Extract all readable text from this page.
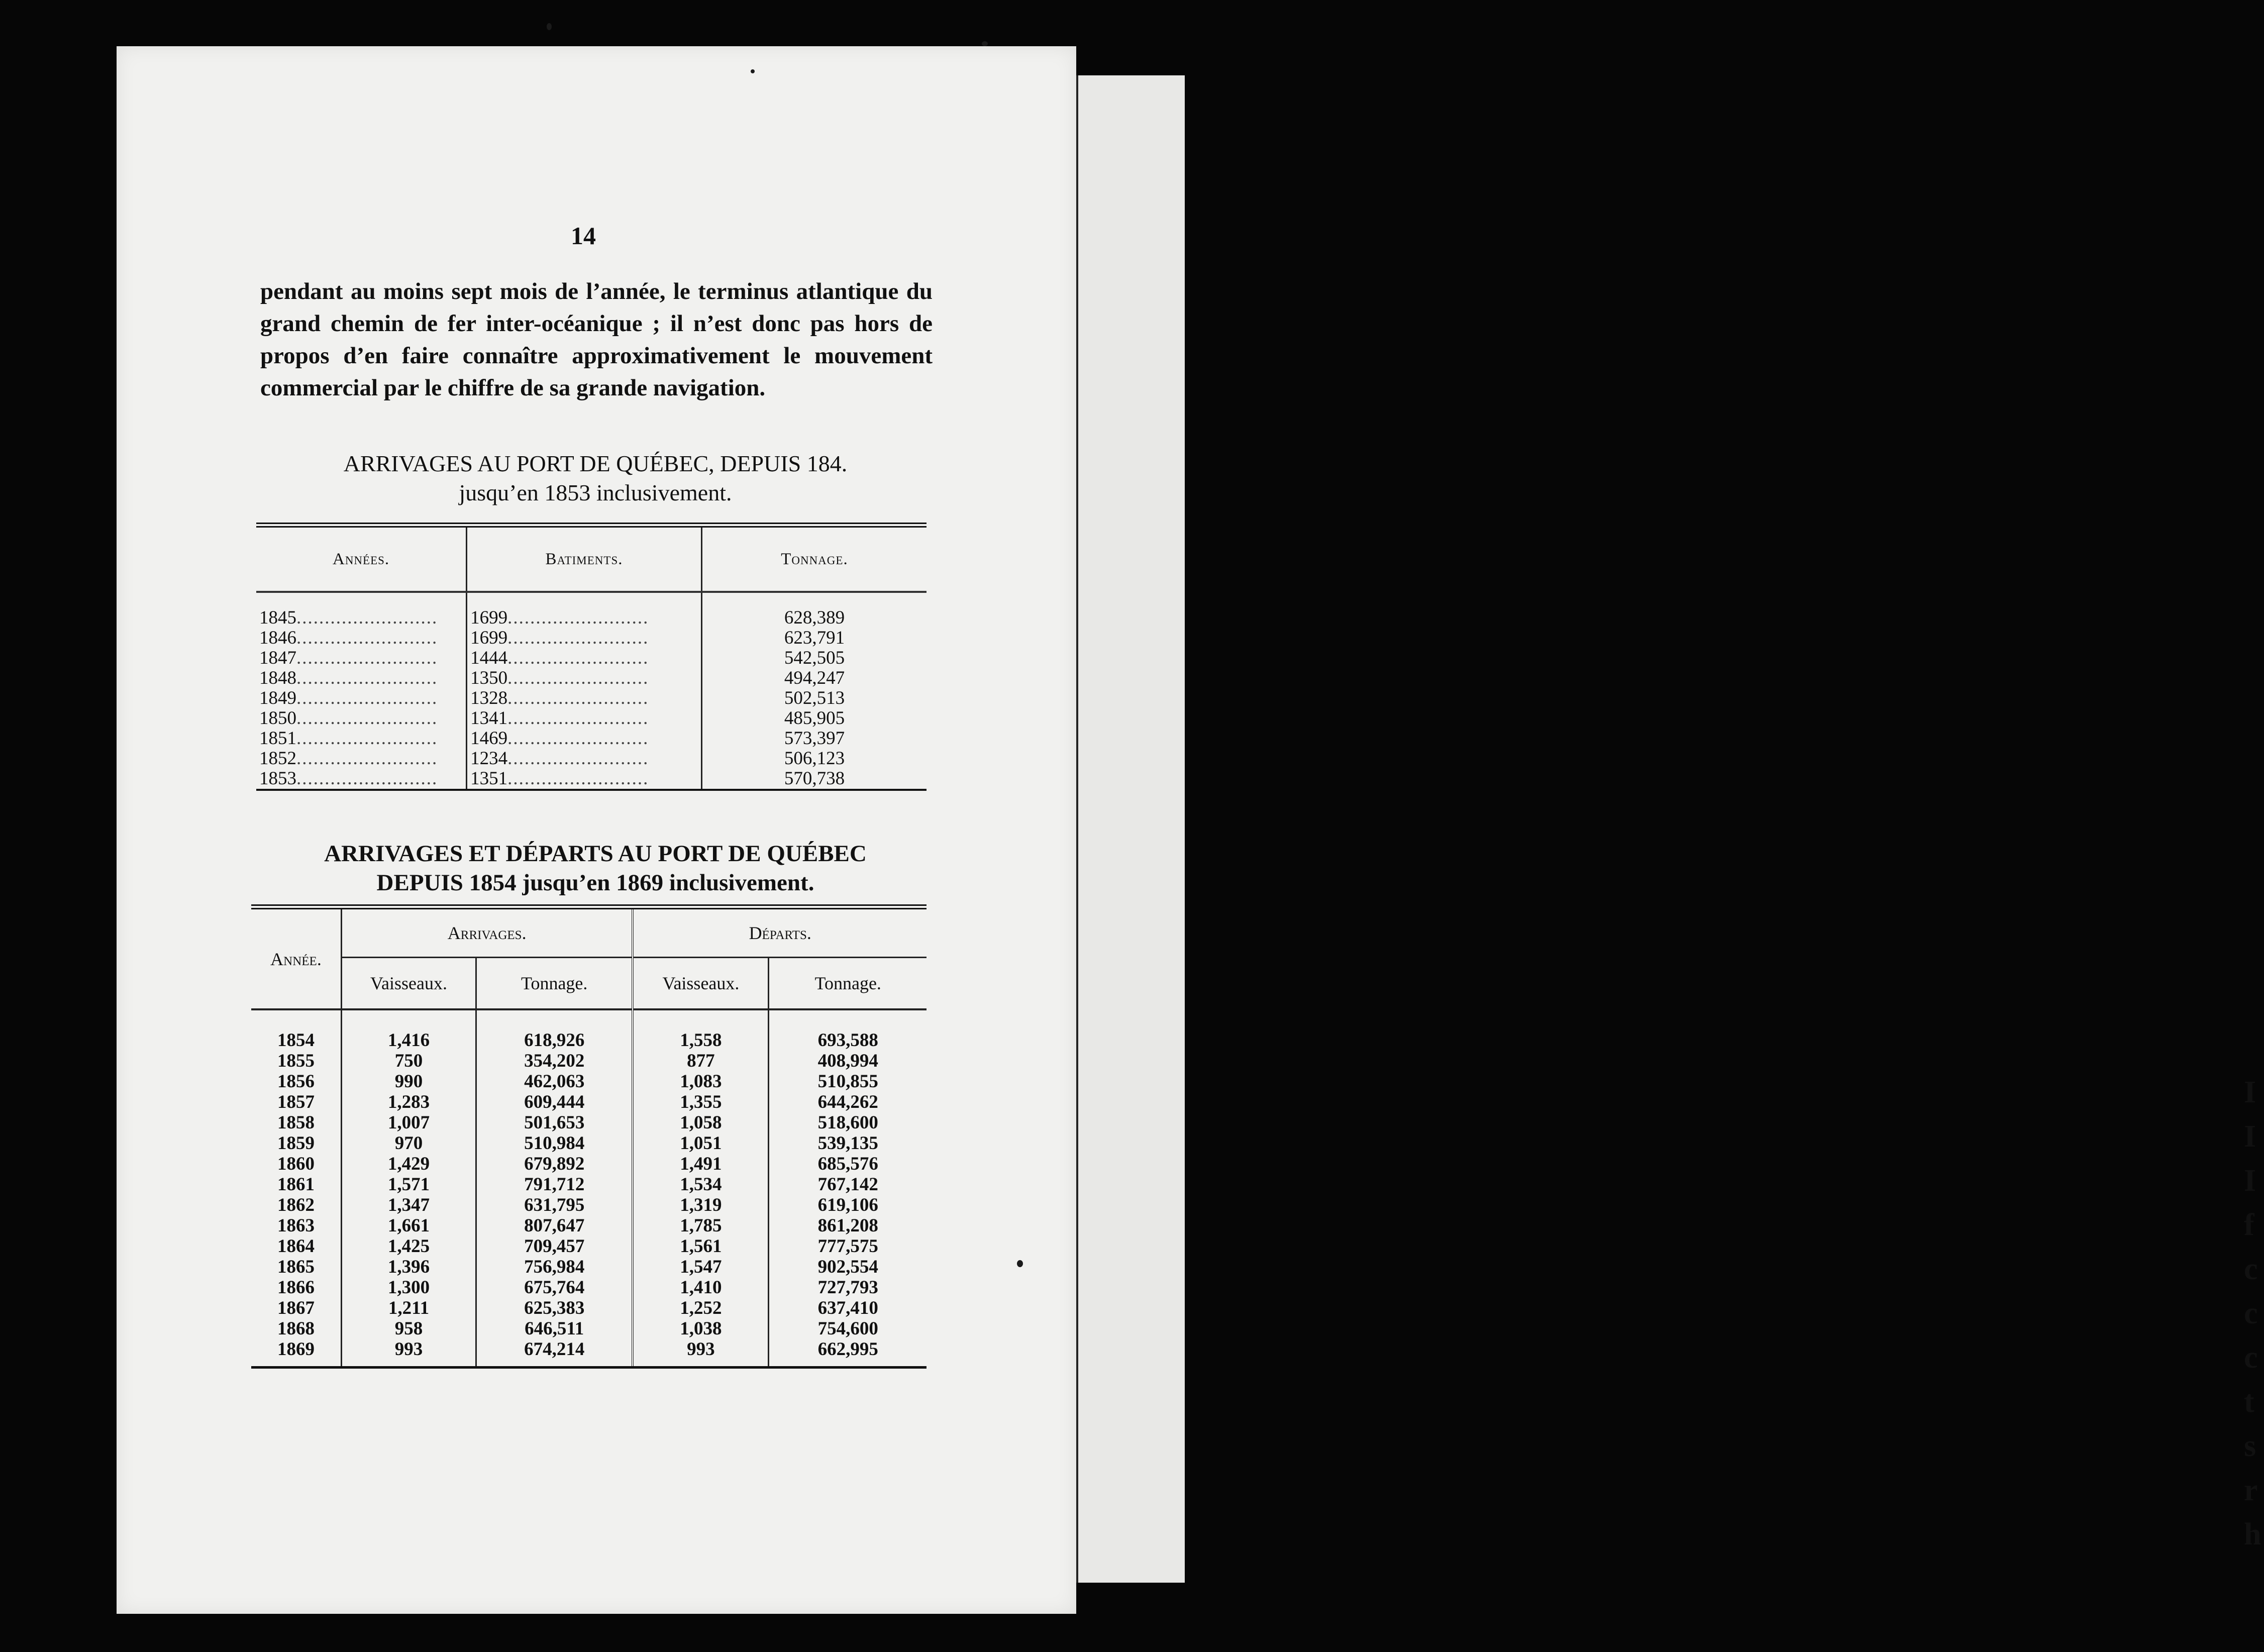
I
I
I
f
c
c
c
t
s
r
h
14
pendant au moins sept mois de l’année, le terminus atlantique du grand chemin de fer inter-océanique ; il n’est donc pas hors de propos d’en faire connaître approximativement le mouvement commercial par le chiffre de sa grande navigation.
ARRIVAGES AU PORT DE QUÉBEC, DEPUIS 184.
jusqu’en 1853 inclusivement.
Années.	Batiments.	Tonnage.
1845.........................	1699.........................	628,389
1846.........................	1699.........................	623,791
1847.........................	1444.........................	542,505
1848.........................	1350.........................	494,247
1849.........................	1328.........................	502,513
1850.........................	1341.........................	485,905
1851.........................	1469.........................	573,397
1852.........................	1234.........................	506,123
1853.........................	1351.........................	570,738
ARRIVAGES ET DÉPARTS AU PORT DE QUÉBEC
DEPUIS 1854 jusqu’en 1869 inclusivement.
Année.	Arrivages.		Départs.	
	Vaisseaux.	Tonnage.	Vaisseaux.	Tonnage.
1854	1,416	618,926	1,558	693,588
1855	750	354,202	877	408,994
1856	990	462,063	1,083	510,855
1857	1,283	609,444	1,355	644,262
1858	1,007	501,653	1,058	518,600
1859	970	510,984	1,051	539,135
1860	1,429	679,892	1,491	685,576
1861	1,571	791,712	1,534	767,142
1862	1,347	631,795	1,319	619,106
1863	1,661	807,647	1,785	861,208
1864	1,425	709,457	1,561	777,575
1865	1,396	756,984	1,547	902,554
1866	1,300	675,764	1,410	727,793
1867	1,211	625,383	1,252	637,410
1868	958	646,511	1,038	754,600
1869	993	674,214	993	662,995
